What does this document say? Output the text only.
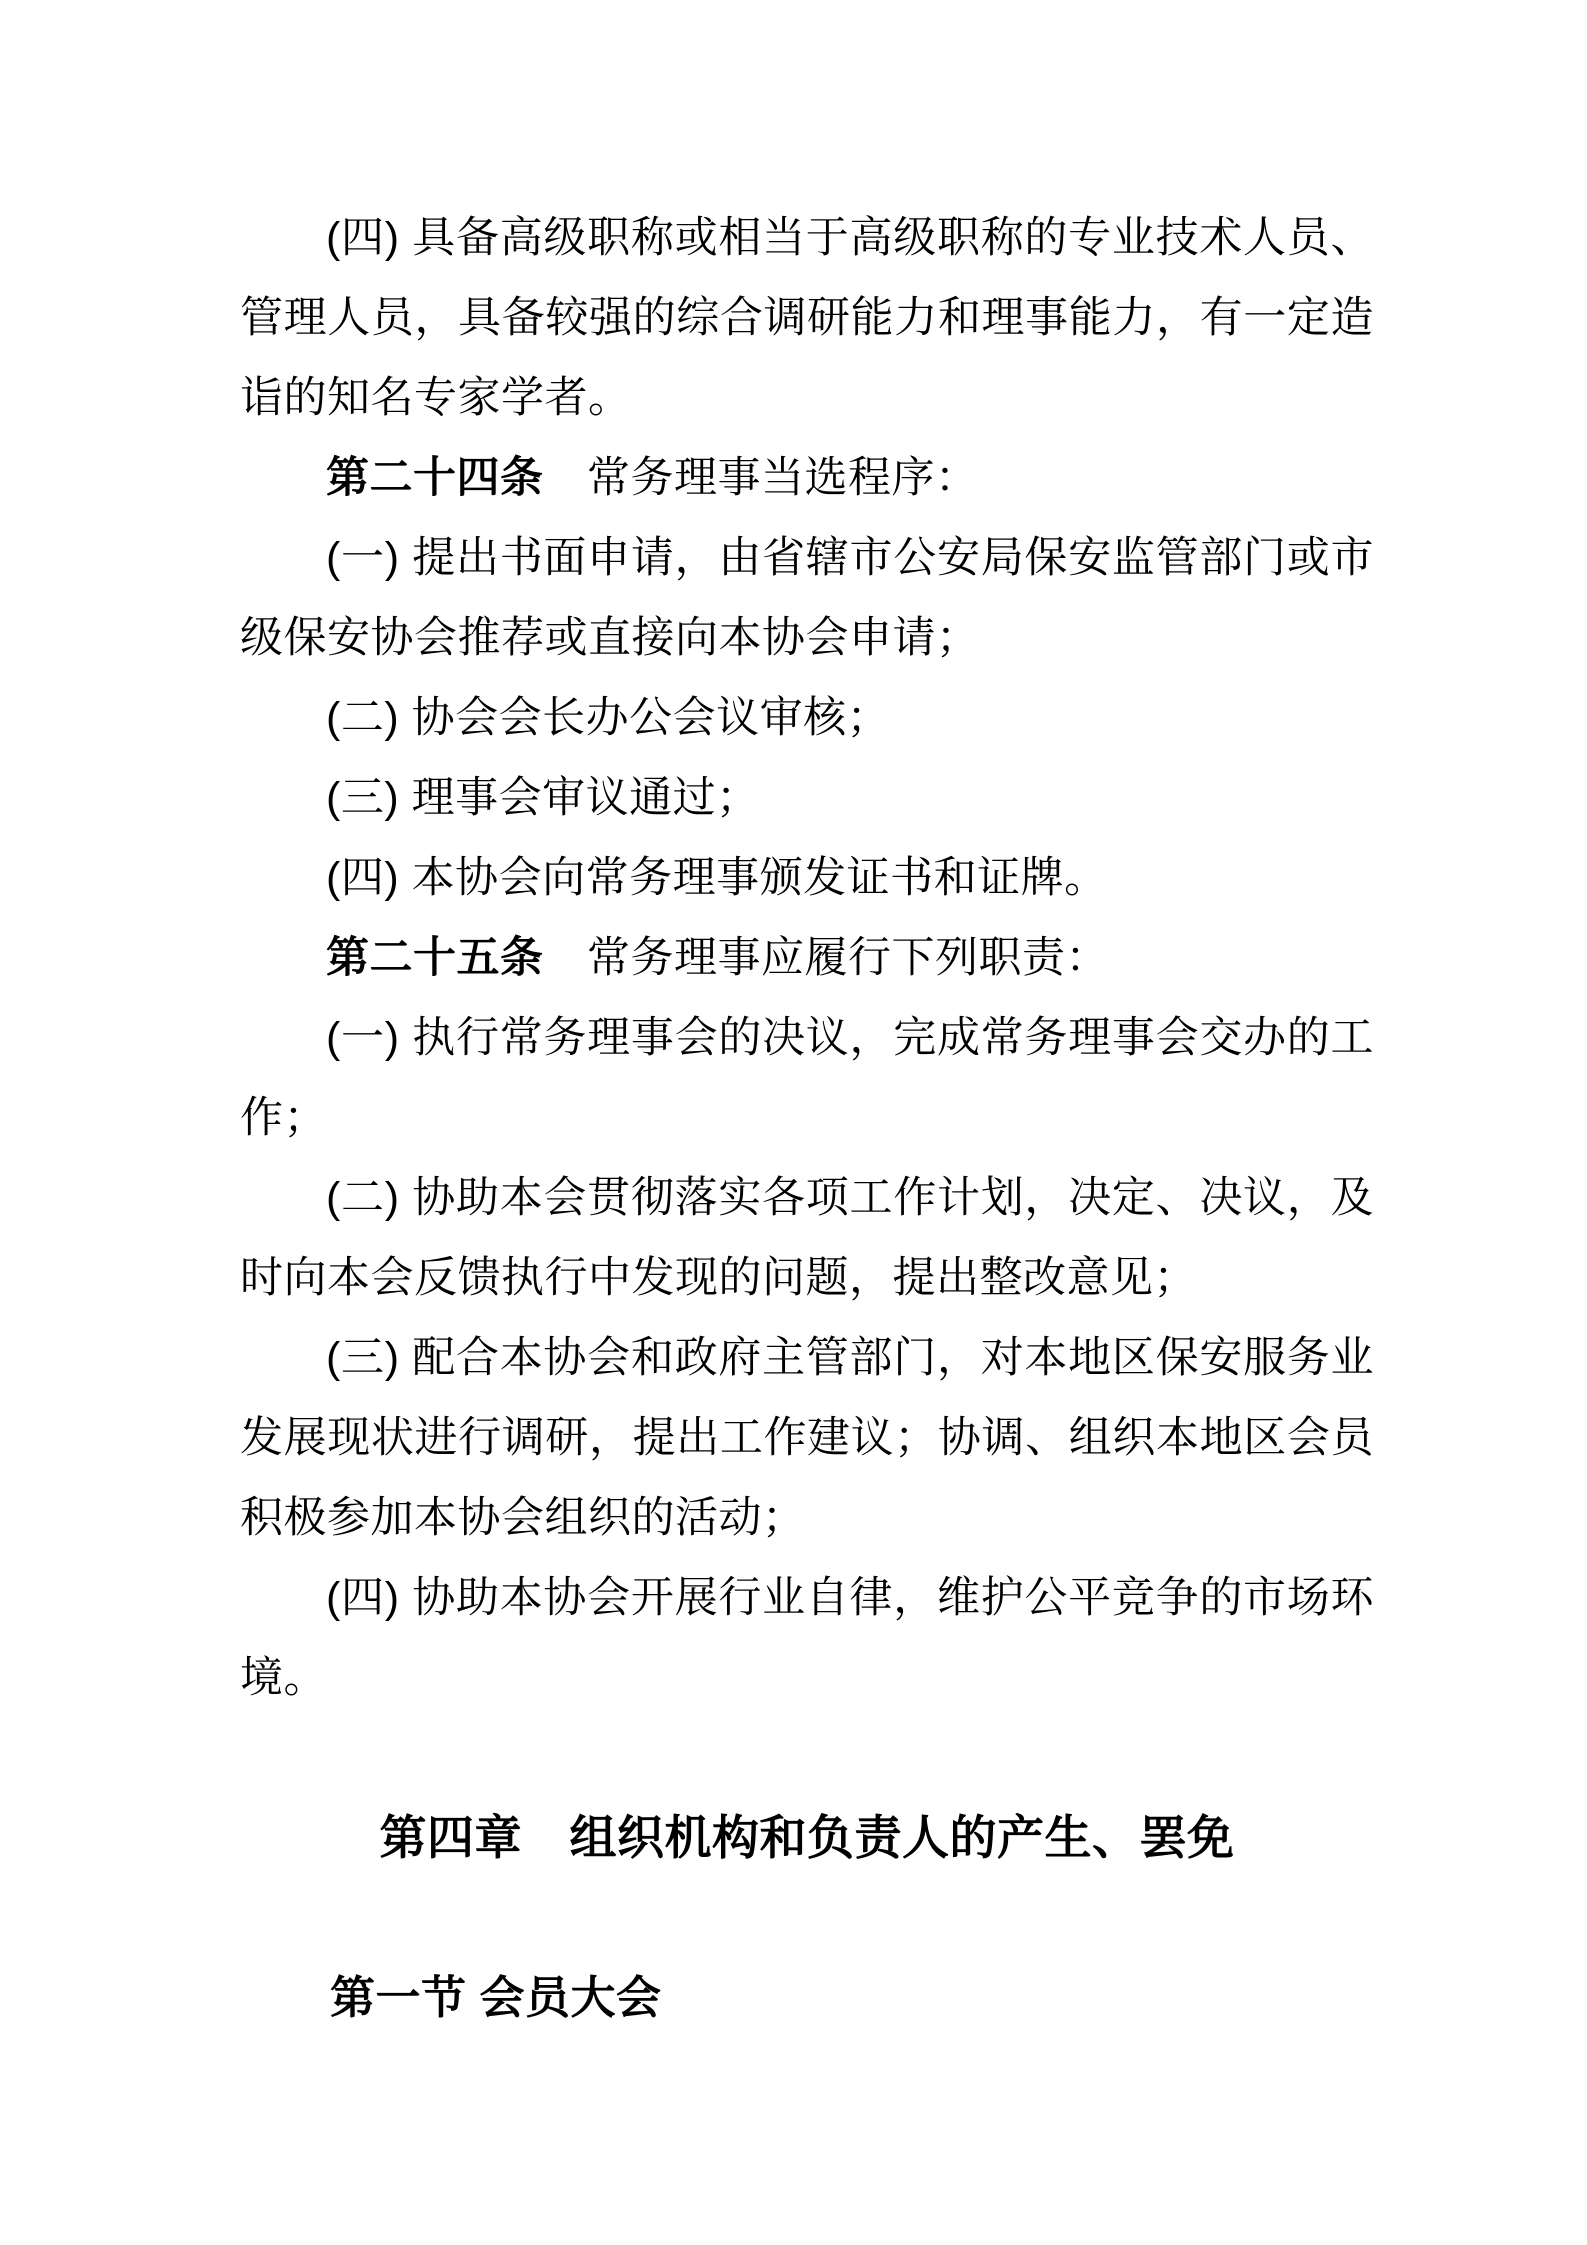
(四) 具备高级职称或相当于高级职称的专业技术人员、管理人员，具备较强的综合调研能力和理事能力，有一定造诣的知名专家学者。

第二十四条　常务理事当选程序：

(一) 提出书面申请，由省辖市公安局保安监管部门或市级保安协会推荐或直接向本协会申请；

(二) 协会会长办公会议审核；

(三) 理事会审议通过；

(四) 本协会向常务理事颁发证书和证牌。

第二十五条　常务理事应履行下列职责：

(一) 执行常务理事会的决议，完成常务理事会交办的工作；

(二) 协助本会贯彻落实各项工作计划，决定、决议，及时向本会反馈执行中发现的问题，提出整改意见；

(三) 配合本协会和政府主管部门，对本地区保安服务业发展现状进行调研，提出工作建议；协调、组织本地区会员积极参加本协会组织的活动；

(四) 协助本协会开展行业自律，维护公平竞争的市场环境。

第四章　组织机构和负责人的产生、罢免

第一节 会员大会
